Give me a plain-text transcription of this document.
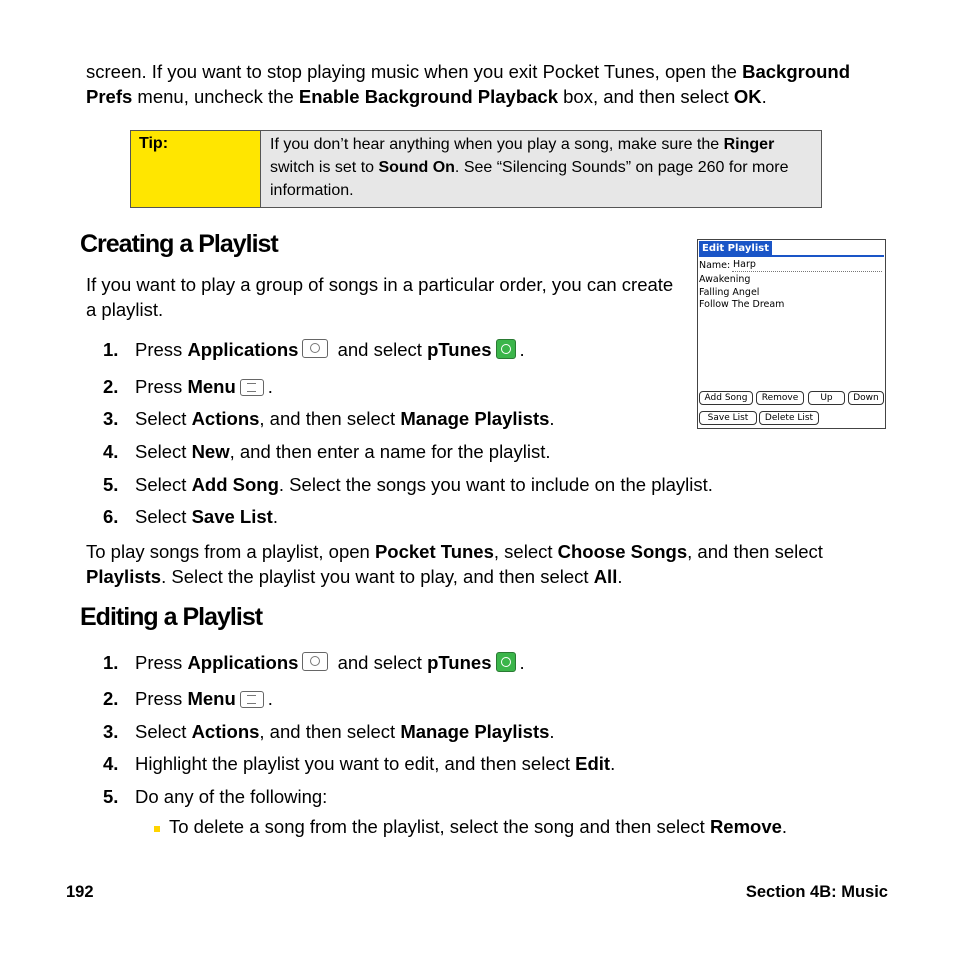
screen. If you want to stop playing music when you exit Pocket Tunes, open the Background Prefs menu, uncheck the Enable Background Playback box, and then select OK.

Tip:	If you don’t hear anything when you play a song, make sure the Ringer switch is set to Sound On. See “Silencing Sounds” on page 260 for more information.
Creating a Playlist

If you want to play a group of songs in a particular order, you can create a playlist.

1. Press Applications and select pTunes .
2. Press Menu .
3. Select Actions, and then select Manage Playlists.
4. Select New, and then enter a name for the playlist.
5. Select Add Song. Select the songs you want to include on the playlist.
6. Select Save List.

To play songs from a playlist, open Pocket Tunes, select Choose Songs, and then select Playlists. Select the playlist you want to play, and then select All.

Edit Playlist
Name: Harp
Awakening
Falling Angel
Follow The Dream
Add Song	Remove	Up	Down
Save List	Delete List
Editing a Playlist
1. Press Applications and select pTunes .
2. Press Menu .
3. Select Actions, and then select Manage Playlists.
4. Highlight the playlist you want to edit, and then select Edit.
5. Do any of the following:

To delete a song from the playlist, select the song and then select Remove.

192	Section 4B: Music
